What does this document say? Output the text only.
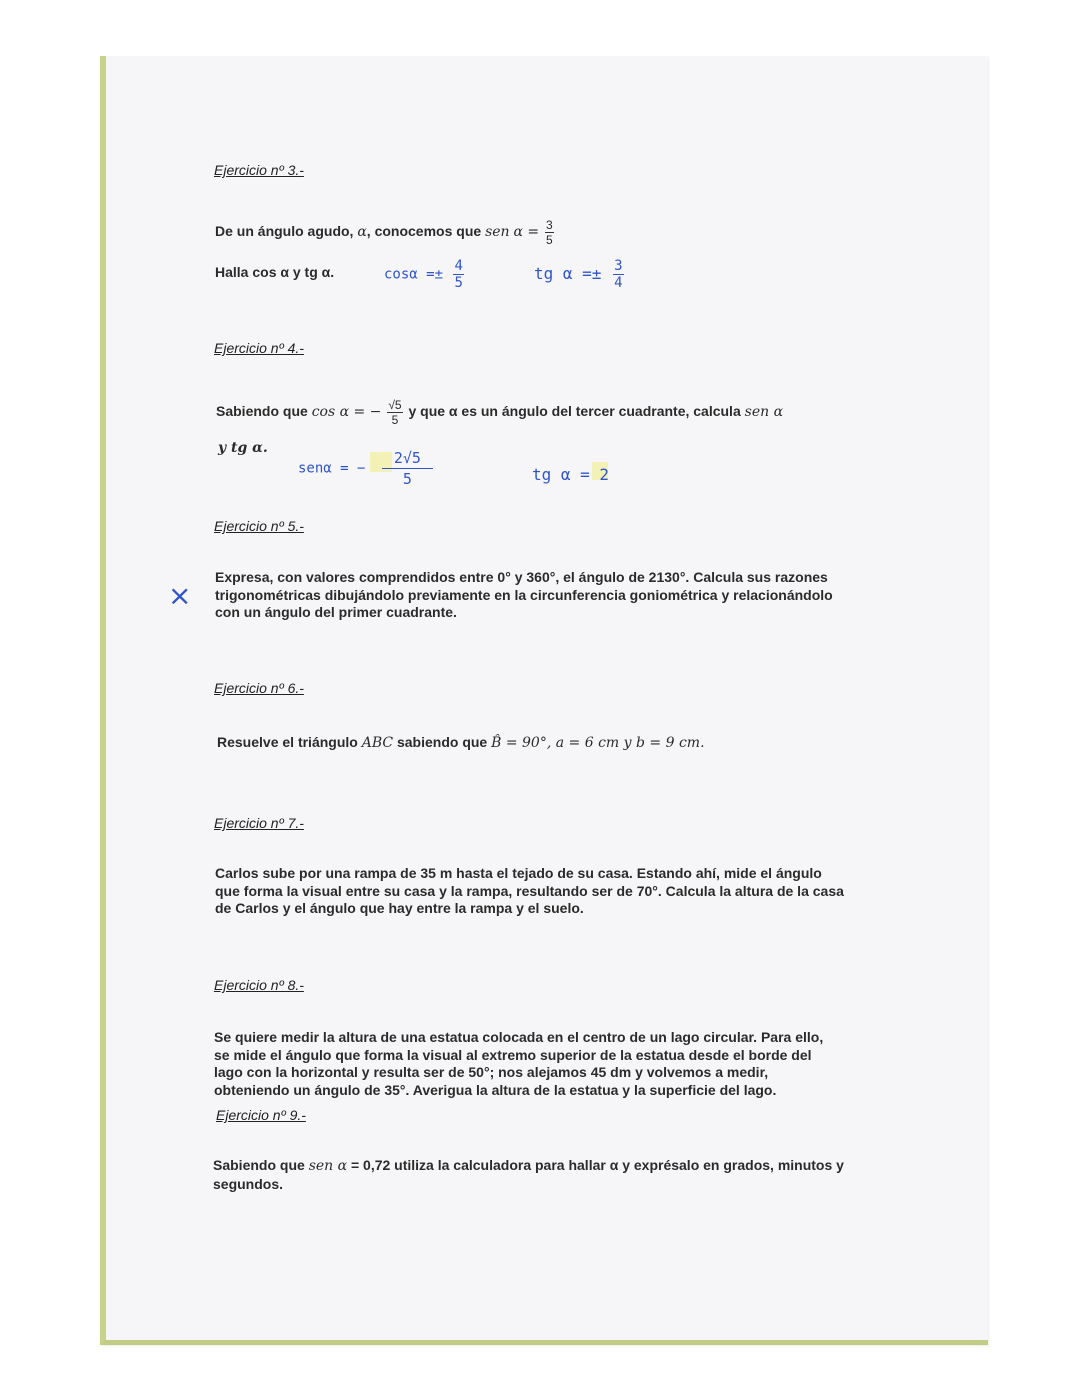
Ejercicio nº 3.-
De un ángulo agudo, α, conocemos que sen $\alpha = \frac{3}{5}$
Halla cos α y tg α.	$\cos\alpha =\pm \frac{4}{5}$	tg $\alpha =\pm \frac{3}{4}$
Ejercicio nº 4.-
Sabiendo que cos α = − $\frac{√5}{5}$ y que α es un ángulo del tercer cuadrante, calcula sen α
y tg α.
senα = − $\frac{2√5}{5}$	tg α = 2
Ejercicio nº 5.-
×
Expresa, con valores comprendidos entre 0° y 360°, el ángulo de 2130°. Calcula sus razones
trigonométricas dibujándolo previamente en la circunferencia goniométrica y relacionándolo
con un ángulo del primer cuadrante.
Ejercicio nº 6.-
Resuelve el triángulo ABC sabiendo que B̂ = 90°, a = 6 cm y b = 9 cm.
Ejercicio nº 7.-
Carlos sube por una rampa de 35 m hasta el tejado de su casa. Estando ahí, mide el ángulo
que forma la visual entre su casa y la rampa, resultando ser de 70°. Calcula la altura de la casa
de Carlos y el ángulo que hay entre la rampa y el suelo.
Ejercicio nº 8.-
Se quiere medir la altura de una estatua colocada en el centro de un lago circular. Para ello,
se mide el ángulo que forma la visual al extremo superior de la estatua desde el borde del
lago con la horizontal y resulta ser de 50°; nos alejamos 45 dm y volvemos a medir,
obteniendo un ángulo de 35°. Averigua la altura de la estatua y la superficie del lago.
Ejercicio nº 9.-
Sabiendo que sen α = 0,72 utiliza la calculadora para hallar α y exprésalo en grados, minutos y
segundos.
